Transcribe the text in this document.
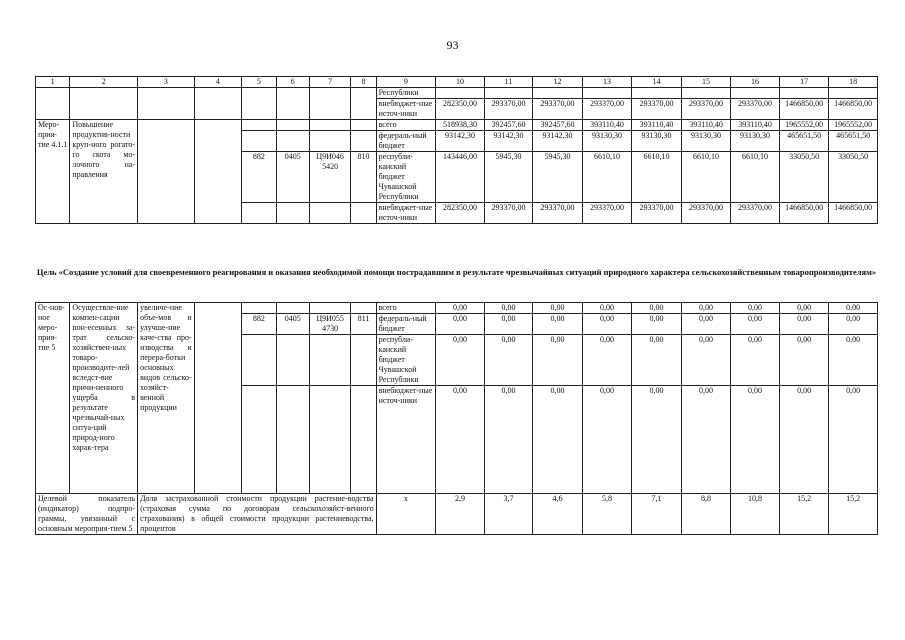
93
1	2	3	4	5	6	7	8	9	10	11	12	13	14	15	16	17	18
								Республики									
								внебюджет-ные источ-ники	282350,00	293370,00	293370,00	293370,00	293370,00	293370,00	293370,00	1466850,00	1466850,00
Меро-прия-тие 4.1.1	Повышение продуктив-ности круп-ного рогато-го скота мо-лочного на-правления							всего	518938,30	392457,60	392457,60	393110,40	393110,40	393110,40	393110,40	1965552,00	1965552,00
								федераль-ный бюджет	93142,30	93142,30	93142,30	93130,30	93130,30	93130,30	93130,30	465651,50	465651,50
				882	0405	Ц9И046 5420	810	республи-канский бюджет Чувашской Республики	143446,00	5945,30	5945,30	6610,10	6610,10	6610,10	6610,10	33050,50	33050,50
								внебюджет-ные источ-ники	282350,00	293370,00	293370,00	293370,00	293370,00	293370,00	293370,00	1466850,00	1466850,00
Цель «Создание условий для своевременного реагирования и оказания необходимой помощи пострадавшим в результате чрезвычайных ситуаций природного характера сельскохозяйственным товаропроизводителям»
Ос-нов-ное меро-прия-тие 5	Осуществле-ние компен-сации пон-есенных за-трат сельско-хозяйствен-ных товаро-производите-лей вследст-вие причи-ненного ущерба в результате чрезвычай-ных ситуа-ций природ-ного харак-тера	увеличе-ние объе-мов и улучше-ние каче-ства про-изводства и перера-ботки основных видов сельско-хозяйст-венной продукции						всего	0,00	0,00	0,00	0,00	0,00	0,00	0,00	0,00	0,00
				882	0405	Ц9И055 4730	811	федераль-ный бюджет	0,00	0,00	0,00	0,00	0,00	0,00	0,00	0,00	0,00
								республи-канский бюджет Чувашской Республики	0,00	0,00	0,00	0,00	0,00	0,00	0,00	0,00	0,00
								внебюджет-ные источ-ники	0,00	0,00	0,00	0,00	0,00	0,00	0,00	0,00	0,00
Целевой показатель (индикатор) подпро-граммы, увязанный с основным мероприя-тием 5		Доля застрахованной стоимости продукции растение-водства (страховая сумма по договорам сельскохозяйст-венного страхования) в общей стоимости продукции растениеводства, процентов						х	2,9	3,7	4,6	5,8	7,1	8,8	10,8	15,2	15,2
